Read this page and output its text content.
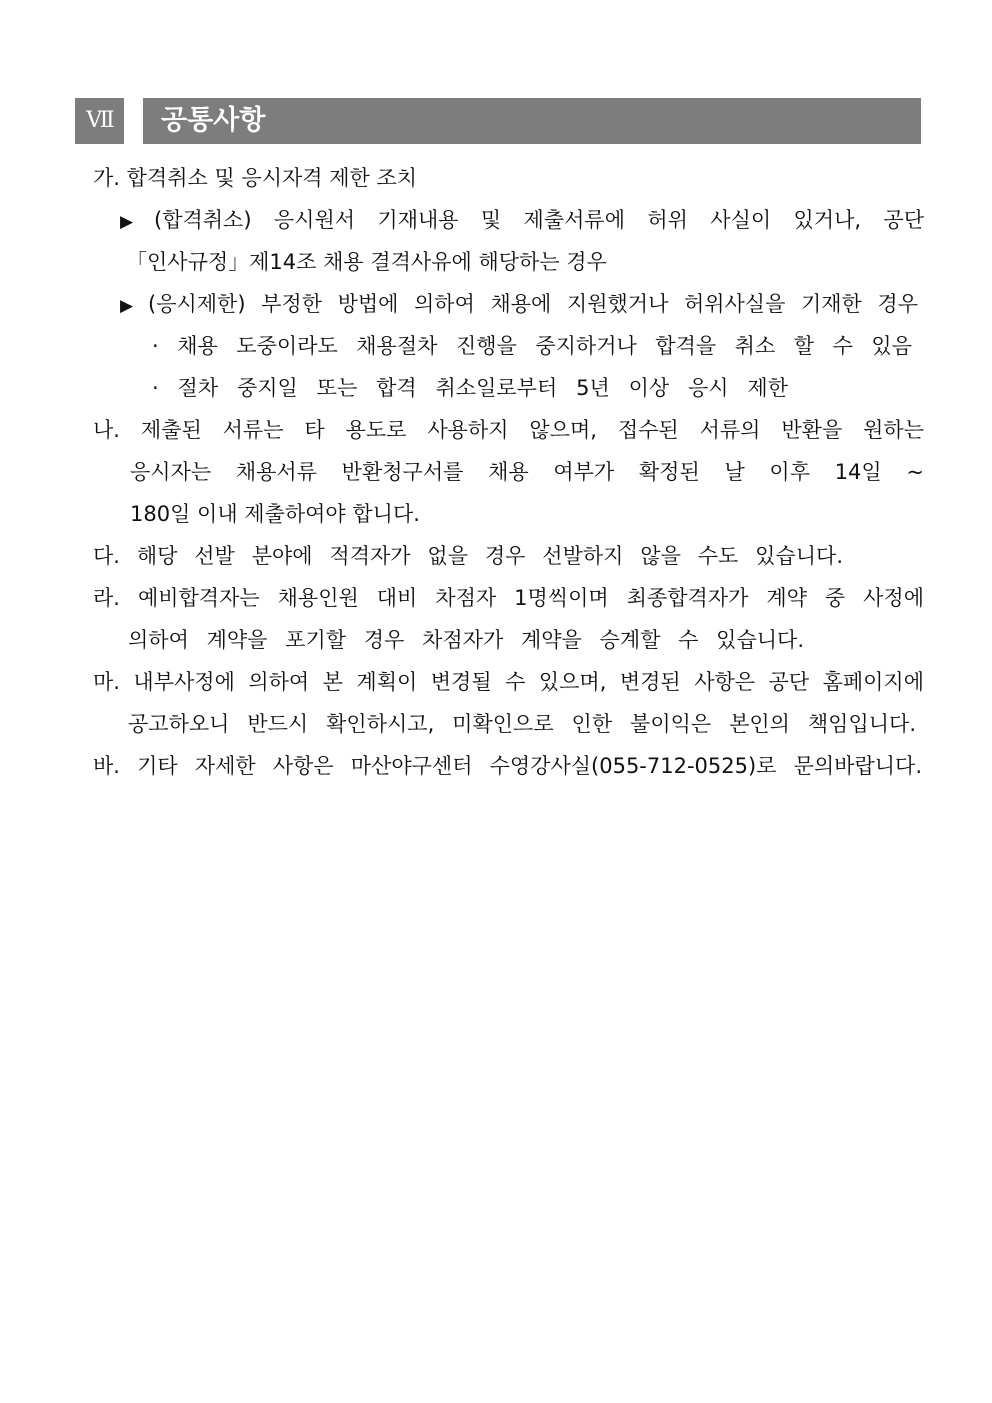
Ⅶ	공통사항
가. 합격취소 및 응시자격 제한 조치
▶ (합격취소) 응시원서 기재내용 및 제출서류에 허위 사실이 있거나, 공단
「인사규정」제14조 채용 결격사유에 해당하는 경우
▶ (응시제한) 부정한 방법에 의하여 채용에 지원했거나 허위사실을 기재한 경우
· 채용 도중이라도 채용절차 진행을 중지하거나 합격을 취소 할 수 있음
· 절차 중지일 또는 합격 취소일로부터 5년 이상 응시 제한
나. 제출된 서류는 타 용도로 사용하지 않으며, 접수된 서류의 반환을 원하는
응시자는 채용서류 반환청구서를 채용 여부가 확정된 날 이후 14일 ~
180일 이내 제출하여야 합니다.
다. 해당 선발 분야에 적격자가 없을 경우 선발하지 않을 수도 있습니다.
라. 예비합격자는 채용인원 대비 차점자 1명씩이며 최종합격자가 계약 중 사정에
의하여 계약을 포기할 경우 차점자가 계약을 승계할 수 있습니다.
마. 내부사정에 의하여 본 계획이 변경될 수 있으며, 변경된 사항은 공단 홈페이지에
공고하오니 반드시 확인하시고, 미확인으로 인한 불이익은 본인의 책임입니다.
바. 기타 자세한 사항은 마산야구센터 수영강사실(055-712-0525)로 문의바랍니다.
